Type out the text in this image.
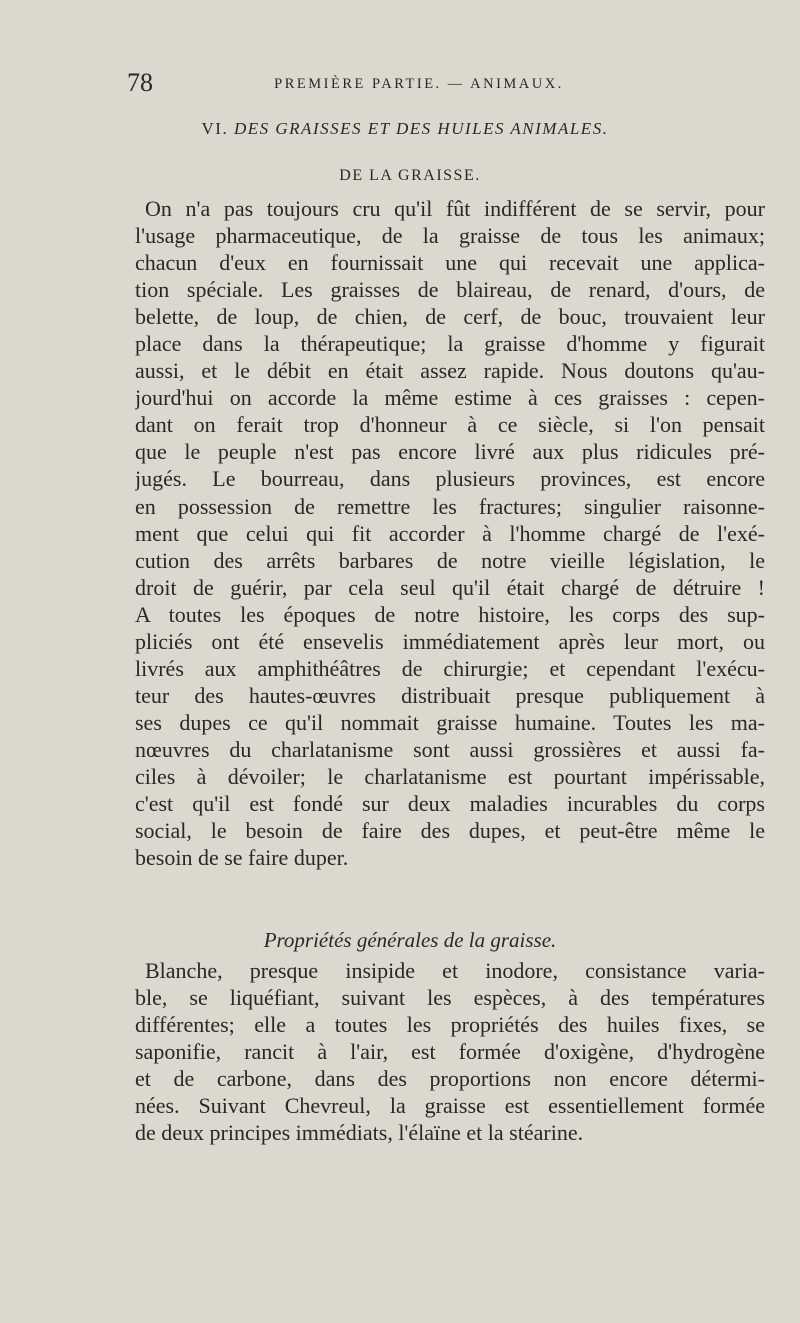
78	PREMIÈRE PARTIE. — ANIMAUX.
VI. DES GRAISSES ET DES HUILES ANIMALES.
DE LA GRAISSE.
On n'a pas toujours cru qu'il fût indifférent de se servir, pour
l'usage pharmaceutique, de la graisse de tous les animaux;
chacun d'eux en fournissait une qui recevait une applica-
tion spéciale. Les graisses de blaireau, de renard, d'ours, de
belette, de loup, de chien, de cerf, de bouc, trouvaient leur
place dans la thérapeutique; la graisse d'homme y figurait
aussi, et le débit en était assez rapide. Nous doutons qu'au-
jourd'hui on accorde la même estime à ces graisses : cepen-
dant on ferait trop d'honneur à ce siècle, si l'on pensait
que le peuple n'est pas encore livré aux plus ridicules pré-
jugés. Le bourreau, dans plusieurs provinces, est encore
en possession de remettre les fractures; singulier raisonne-
ment que celui qui fit accorder à l'homme chargé de l'exé-
cution des arrêts barbares de notre vieille législation, le
droit de guérir, par cela seul qu'il était chargé de détruire !
A toutes les époques de notre histoire, les corps des sup-
pliciés ont été ensevelis immédiatement après leur mort, ou
livrés aux amphithéâtres de chirurgie; et cependant l'exécu-
teur des hautes-œuvres distribuait presque publiquement à
ses dupes ce qu'il nommait graisse humaine. Toutes les ma-
nœuvres du charlatanisme sont aussi grossières et aussi fa-
ciles à dévoiler; le charlatanisme est pourtant impérissable,
c'est qu'il est fondé sur deux maladies incurables du corps
social, le besoin de faire des dupes, et peut-être même le
besoin de se faire duper.
Propriétés générales de la graisse.
Blanche, presque insipide et inodore, consistance varia-
ble, se liquéfiant, suivant les espèces, à des températures
différentes; elle a toutes les propriétés des huiles fixes, se
saponifie, rancit à l'air, est formée d'oxigène, d'hydrogène
et de carbone, dans des proportions non encore détermi-
nées. Suivant Chevreul, la graisse est essentiellement formée
de deux principes immédiats, l'élaïne et la stéarine.
